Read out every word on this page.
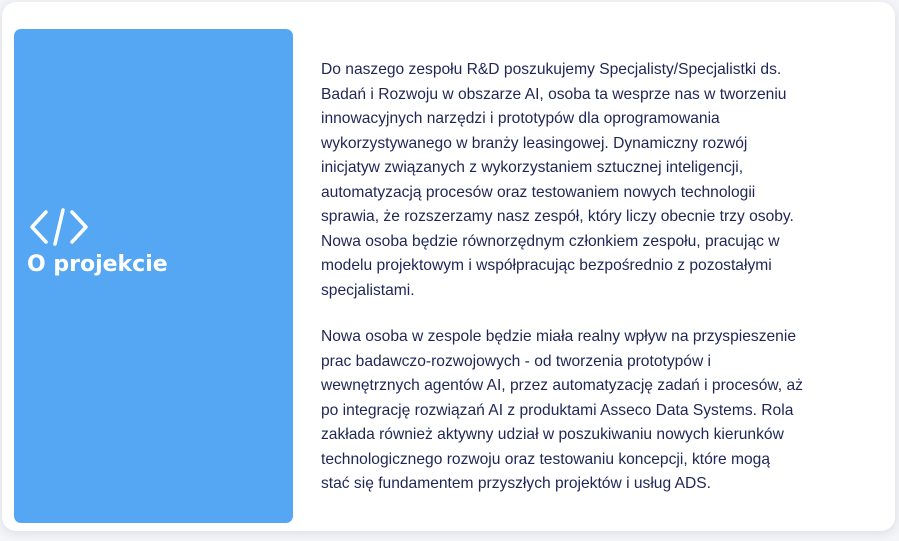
O projekcie

Do naszego zespołu R&D poszukujemy Specjalisty/Specjalistki ds.
Badań i Rozwoju w obszarze AI, osoba ta wesprze nas w tworzeniu
innowacyjnych narzędzi i prototypów dla oprogramowania
wykorzystywanego w branży leasingowej. Dynamiczny rozwój
inicjatyw związanych z wykorzystaniem sztucznej inteligencji,
automatyzacją procesów oraz testowaniem nowych technologii
sprawia, że rozszerzamy nasz zespół, który liczy obecnie trzy osoby.
Nowa osoba będzie równorzędnym członkiem zespołu, pracując w
modelu projektowym i współpracując bezpośrednio z pozostałymi
specjalistami.

Nowa osoba w zespole będzie miała realny wpływ na przyspieszenie
prac badawczo-rozwojowych - od tworzenia prototypów i
wewnętrznych agentów AI, przez automatyzację zadań i procesów, aż
po integrację rozwiązań AI z produktami Asseco Data Systems. Rola
zakłada również aktywny udział w poszukiwaniu nowych kierunków
technologicznego rozwoju oraz testowaniu koncepcji, które mogą
stać się fundamentem przyszłych projektów i usług ADS.
